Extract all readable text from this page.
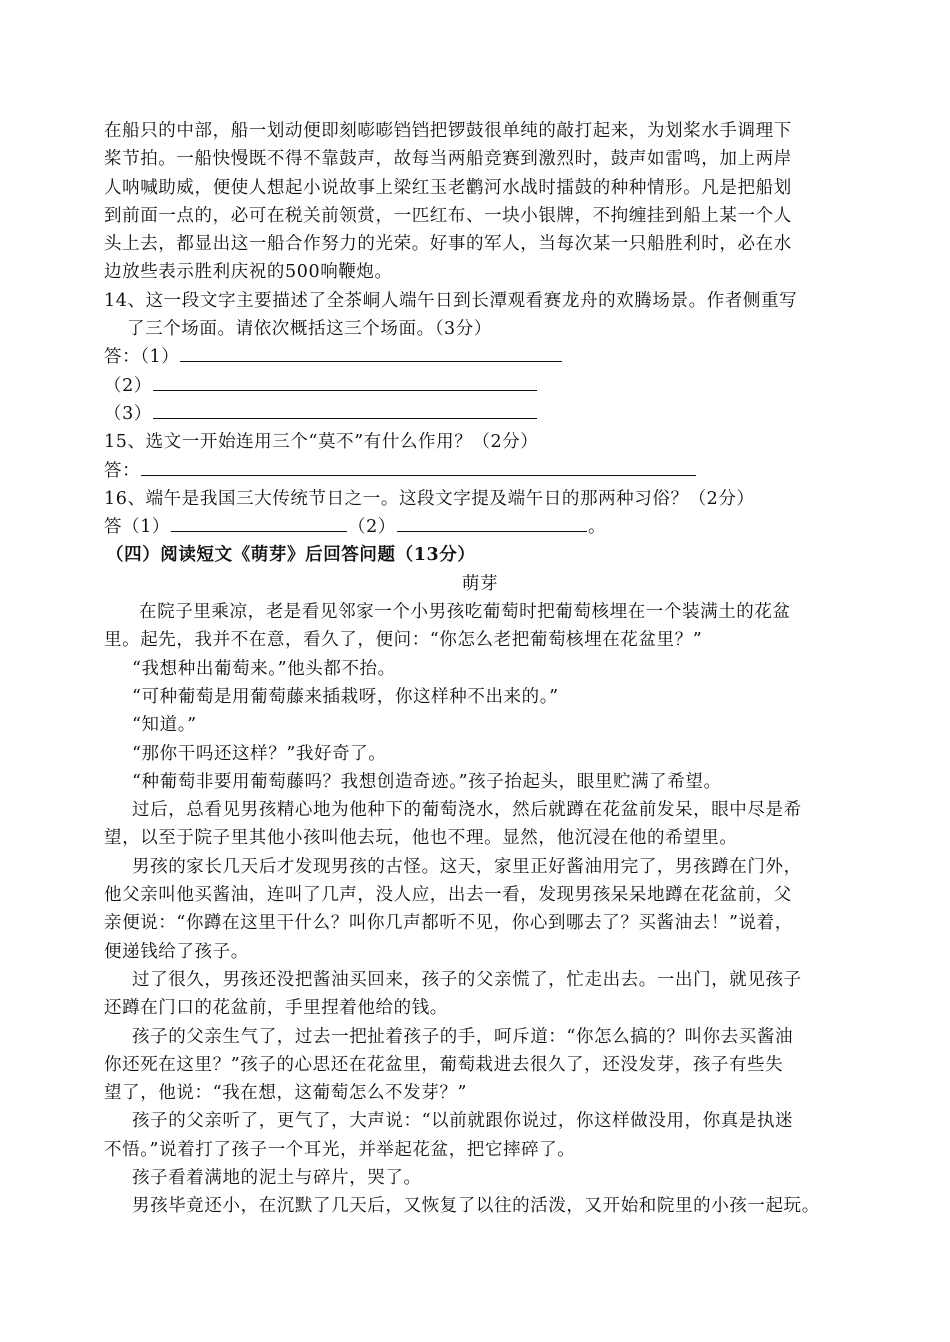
在船只的中部，船一划动便即刻嘭嘭铛铛把锣鼓很单纯的敲打起来，为划桨水手调理下
桨节拍。一船快慢既不得不靠鼓声，故每当两船竞赛到激烈时，鼓声如雷鸣，加上两岸
人呐喊助威，便使人想起小说故事上梁红玉老鹳河水战时擂鼓的种种情形。凡是把船划
到前面一点的，必可在税关前领赏，一匹红布、一块小银牌，不拘缠挂到船上某一个人
头上去，都显出这一船合作努力的光荣。好事的军人，当每次某一只船胜利时，必在水
边放些表示胜利庆祝的500响鞭炮。
14、这一段文字主要描述了全茶峒人端午日到长潭观看赛龙舟的欢腾场景。作者侧重写
了三个场面。请依次概括这三个场面。（3分）
答：（1）
（2）
（3）
15、选文一开始连用三个“莫不”有什么作用？（2分）
答：
16、端午是我国三大传统节日之一。这段文字提及端午日的那两种习俗？（2分）
答（1）	（2）	。
（四）阅读短文《萌芽》后回答问题（13分）
萌芽
在院子里乘凉，老是看见邻家一个小男孩吃葡萄时把葡萄核埋在一个装满土的花盆
里。起先，我并不在意，看久了，便问：“你怎么老把葡萄核埋在花盆里？”
“我想种出葡萄来。”他头都不抬。
“可种葡萄是用葡萄藤来插栽呀，你这样种不出来的。”
“知道。”
“那你干吗还这样？”我好奇了。
“种葡萄非要用葡萄藤吗？我想创造奇迹。”孩子抬起头，眼里贮满了希望。
过后，总看见男孩精心地为他种下的葡萄浇水，然后就蹲在花盆前发呆，眼中尽是希
望，以至于院子里其他小孩叫他去玩，他也不理。显然，他沉浸在他的希望里。
男孩的家长几天后才发现男孩的古怪。这天，家里正好酱油用完了，男孩蹲在门外，
他父亲叫他买酱油，连叫了几声，没人应，出去一看，发现男孩呆呆地蹲在花盆前，父
亲便说：“你蹲在这里干什么？叫你几声都听不见，你心到哪去了？买酱油去！”说着，
便递钱给了孩子。
过了很久，男孩还没把酱油买回来，孩子的父亲慌了，忙走出去。一出门，就见孩子
还蹲在门口的花盆前，手里捏着他给的钱。
孩子的父亲生气了，过去一把扯着孩子的手，呵斥道：“你怎么搞的？叫你去买酱油
你还死在这里？”孩子的心思还在花盆里，葡萄栽进去很久了，还没发芽，孩子有些失
望了，他说：“我在想，这葡萄怎么不发芽？”
孩子的父亲听了，更气了，大声说：“以前就跟你说过，你这样做没用，你真是执迷
不悟。”说着打了孩子一个耳光，并举起花盆，把它摔碎了。
孩子看着满地的泥土与碎片，哭了。
男孩毕竟还小，在沉默了几天后，又恢复了以往的活泼，又开始和院里的小孩一起玩。
